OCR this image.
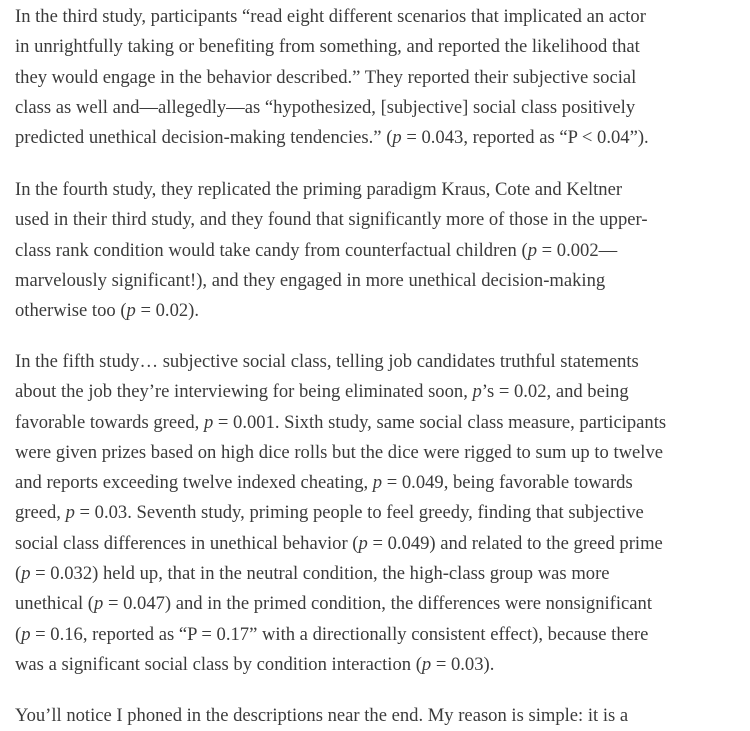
In the third study, participants “read eight different scenarios that implicated an actor
in unrightfully taking or benefiting from something, and reported the likelihood that
they would engage in the behavior described.” They reported their subjective social
class as well and—allegedly—as “hypothesized, [subjective] social class positively
predicted unethical decision-making tendencies.” (p = 0.043, reported as “P < 0.04”).

In the fourth study, they replicated the priming paradigm Kraus, Cote and Keltner
used in their third study, and they found that significantly more of those in the upper-
class rank condition would take candy from counterfactual children (p = 0.002—
marvelously significant!), and they engaged in more unethical decision-making
otherwise too (p = 0.02).

In the fifth study… subjective social class, telling job candidates truthful statements
about the job they’re interviewing for being eliminated soon, p’s = 0.02, and being
favorable towards greed, p = 0.001. Sixth study, same social class measure, participants
were given prizes based on high dice rolls but the dice were rigged to sum up to twelve
and reports exceeding twelve indexed cheating, p = 0.049, being favorable towards
greed, p = 0.03. Seventh study, priming people to feel greedy, finding that subjective
social class differences in unethical behavior (p = 0.049) and related to the greed prime
(p = 0.032) held up, that in the neutral condition, the high-class group was more
unethical (p = 0.047) and in the primed condition, the differences were nonsignificant
(p = 0.16, reported as “P = 0.17” with a directionally consistent effect), because there
was a significant social class by condition interaction (p = 0.03).

You’ll notice I phoned in the descriptions near the end. My reason is simple: it is a
